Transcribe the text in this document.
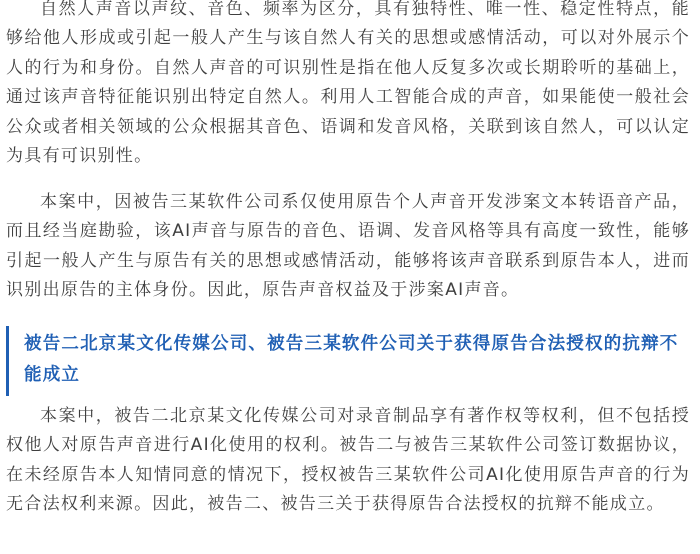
自然人声音以声纹、音色、频率为区分，具有独特性、唯一性、稳定性特点，能够给他人形成或引起一般人产生与该自然人有关的思想或感情活动，可以对外展示个人的行为和身份。自然人声音的可识别性是指在他人反复多次或长期聆听的基础上，通过该声音特征能识别出特定自然人。利用人工智能合成的声音，如果能使一般社会公众或者相关领域的公众根据其音色、语调和发音风格，关联到该自然人，可以认定为具有可识别性。

本案中，因被告三某软件公司系仅使用原告个人声音开发涉案文本转语音产品，而且经当庭勘验，该AI声音与原告的音色、语调、发音风格等具有高度一致性，能够引起一般人产生与原告有关的思想或感情活动，能够将该声音联系到原告本人，进而识别出原告的主体身份。因此，原告声音权益及于涉案AI声音。

被告二北京某文化传媒公司、被告三某软件公司关于获得原告合法授权的抗辩不能成立

本案中，被告二北京某文化传媒公司对录音制品享有著作权等权利，但不包括授权他人对原告声音进行AI化使用的权利。被告二与被告三某软件公司签订数据协议，在未经原告本人知情同意的情况下，授权被告三某软件公司AI化使用原告声音的行为无合法权利来源。因此，被告二、被告三关于获得原告合法授权的抗辩不能成立。
